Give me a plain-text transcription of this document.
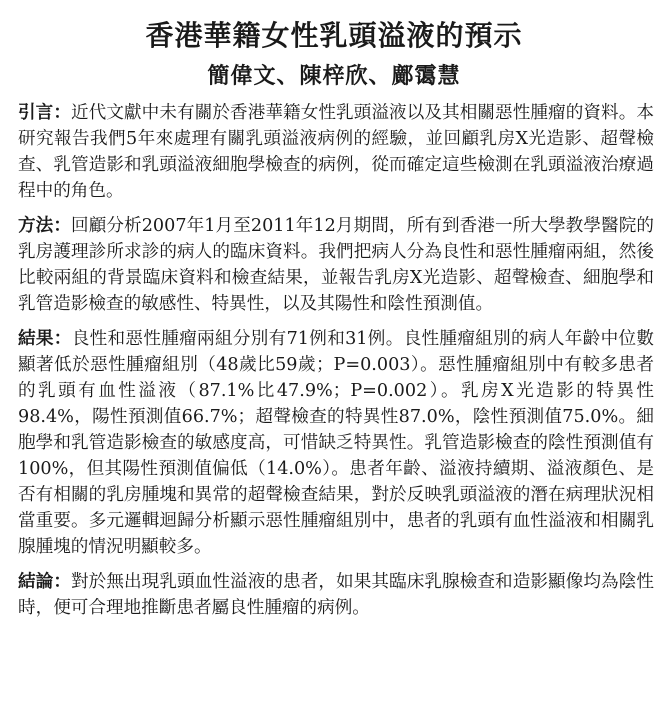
香港華籍女性乳頭溢液的預示
簡偉文、陳梓欣、鄺霭慧

引言：近代文獻中未有關於香港華籍女性乳頭溢液以及其相關惡性腫瘤的資料。本研究報告我們5年來處理有關乳頭溢液病例的經驗，並回顧乳房X光造影、超聲檢查、乳管造影和乳頭溢液細胞學檢查的病例，從而確定這些檢測在乳頭溢液治療過程中的角色。

方法：回顧分析2007年1月至2011年12月期間，所有到香港一所大學教學醫院的乳房護理診所求診的病人的臨床資料。我們把病人分為良性和惡性腫瘤兩組，然後比較兩組的背景臨床資料和檢查結果，並報告乳房X光造影、超聲檢查、細胞學和乳管造影檢查的敏感性、特異性，以及其陽性和陰性預測值。

結果：良性和惡性腫瘤兩組分別有71例和31例。良性腫瘤組別的病人年齡中位數顯著低於惡性腫瘤組別（48歲比59歲；P=0.003）。惡性腫瘤組別中有較多患者的乳頭有血性溢液（87.1%比47.9%；P=0.002）。乳房X光造影的特異性98.4%，陽性預測值66.7%；超聲檢查的特異性87.0%，陰性預測值75.0%。細胞學和乳管造影檢查的敏感度高，可惜缺乏特異性。乳管造影檢查的陰性預測值有100%，但其陽性預測值偏低（14.0%）。患者年齡、溢液持續期、溢液顏色、是否有相關的乳房腫塊和異常的超聲檢查結果，對於反映乳頭溢液的潛在病理狀況相當重要。多元邏輯迴歸分析顯示惡性腫瘤組別中，患者的乳頭有血性溢液和相關乳腺腫塊的情況明顯較多。

結論：對於無出現乳頭血性溢液的患者，如果其臨床乳腺檢查和造影顯像均為陰性時，便可合理地推斷患者屬良性腫瘤的病例。
